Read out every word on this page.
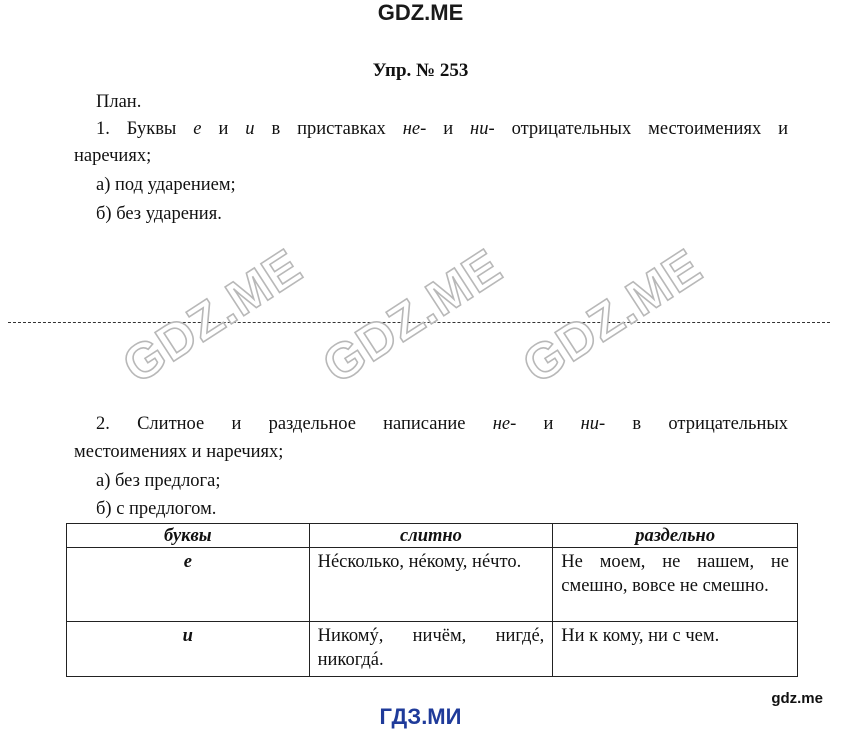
GDZ.ME
Упр. № 253
План.
1. Буквы е и и в приставках не- и ни- отрицательных местоимениях и
наречиях;
а) под ударением;
б) без ударения.
GDZ.ME GDZ.ME GDZ.ME
2. Слитное и раздельное написание не- и ни- в отрицательных
местоимениях и наречиях;
а) без предлога;
б) с предлогом.
буквы	слитно	раздельно
е	Нéсколько, нéкому, нéчто.	Не моем, не нашем, не смешно, вовсе не смешно.
и	Никомý, ничём, нигдé, никогдá.	Ни к кому, ни с чем.
gdz.me
ГДЗ.МИ
